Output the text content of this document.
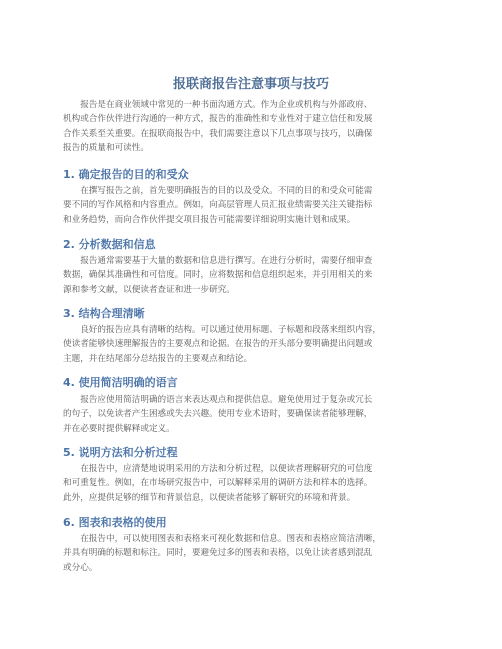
报联商报告注意事项与技巧

　　报告是在商业领域中常见的一种书面沟通方式。作为企业或机构与外部政府、
机构或合作伙伴进行沟通的一种方式，报告的准确性和专业性对于建立信任和发展
合作关系至关重要。在报联商报告中，我们需要注意以下几点事项与技巧，以确保
报告的质量和可读性。

1. 确定报告的目的和受众

　　在撰写报告之前，首先要明确报告的目的以及受众。不同的目的和受众可能需
要不同的写作风格和内容重点。例如，向高层管理人员汇报业绩需要关注关键指标
和业务趋势，而向合作伙伴提交项目报告可能需要详细说明实施计划和成果。

2. 分析数据和信息

　　报告通常需要基于大量的数据和信息进行撰写。在进行分析时，需要仔细审查
数据，确保其准确性和可信度。同时，应将数据和信息组织起来，并引用相关的来
源和参考文献，以便读者查证和进一步研究。

3. 结构合理清晰

　　良好的报告应具有清晰的结构。可以通过使用标题、子标题和段落来组织内容，
使读者能够快速理解报告的主要观点和论据。在报告的开头部分要明确提出问题或
主题，并在结尾部分总结报告的主要观点和结论。

4. 使用简洁明确的语言

　　报告应使用简洁明确的语言来表达观点和提供信息。避免使用过于复杂或冗长
的句子，以免读者产生困惑或失去兴趣。使用专业术语时，要确保读者能够理解，
并在必要时提供解释或定义。

5. 说明方法和分析过程

　　在报告中，应清楚地说明采用的方法和分析过程，以便读者理解研究的可信度
和可重复性。例如，在市场研究报告中，可以解释采用的调研方法和样本的选择。
此外，应提供足够的细节和背景信息，以便读者能够了解研究的环境和背景。

6. 图表和表格的使用

　　在报告中，可以使用图表和表格来可视化数据和信息。图表和表格应简洁清晰，
并具有明确的标题和标注。同时，要避免过多的图表和表格，以免让读者感到混乱
或分心。
